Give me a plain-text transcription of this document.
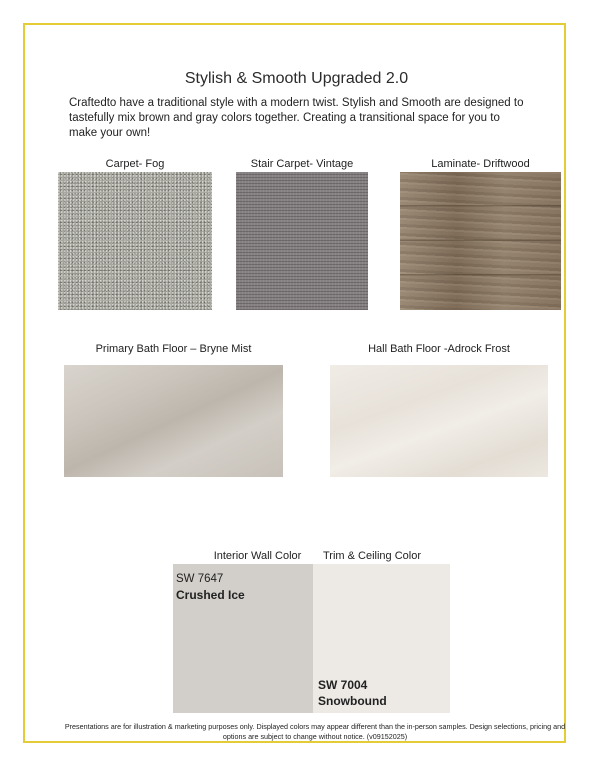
Stylish & Smooth Upgraded 2.0
Craftedto have a traditional style with a modern twist. Stylish and Smooth are designed to tastefully mix brown and gray colors together. Creating a transitional space for you to make your own!
Carpet- Fog	Stair Carpet- Vintage	Laminate- Driftwood
Primary Bath Floor – Bryne Mist	Hall Bath Floor -Adrock Frost
Interior Wall Color	Trim & Ceiling Color
SW 7647
Crushed Ice
SW 7004
Snowbound
Presentations are for illustration & marketing purposes only. Displayed colors may appear different than the in-person samples. Design selections, pricing and options are subject to change without notice. (v09152025)
